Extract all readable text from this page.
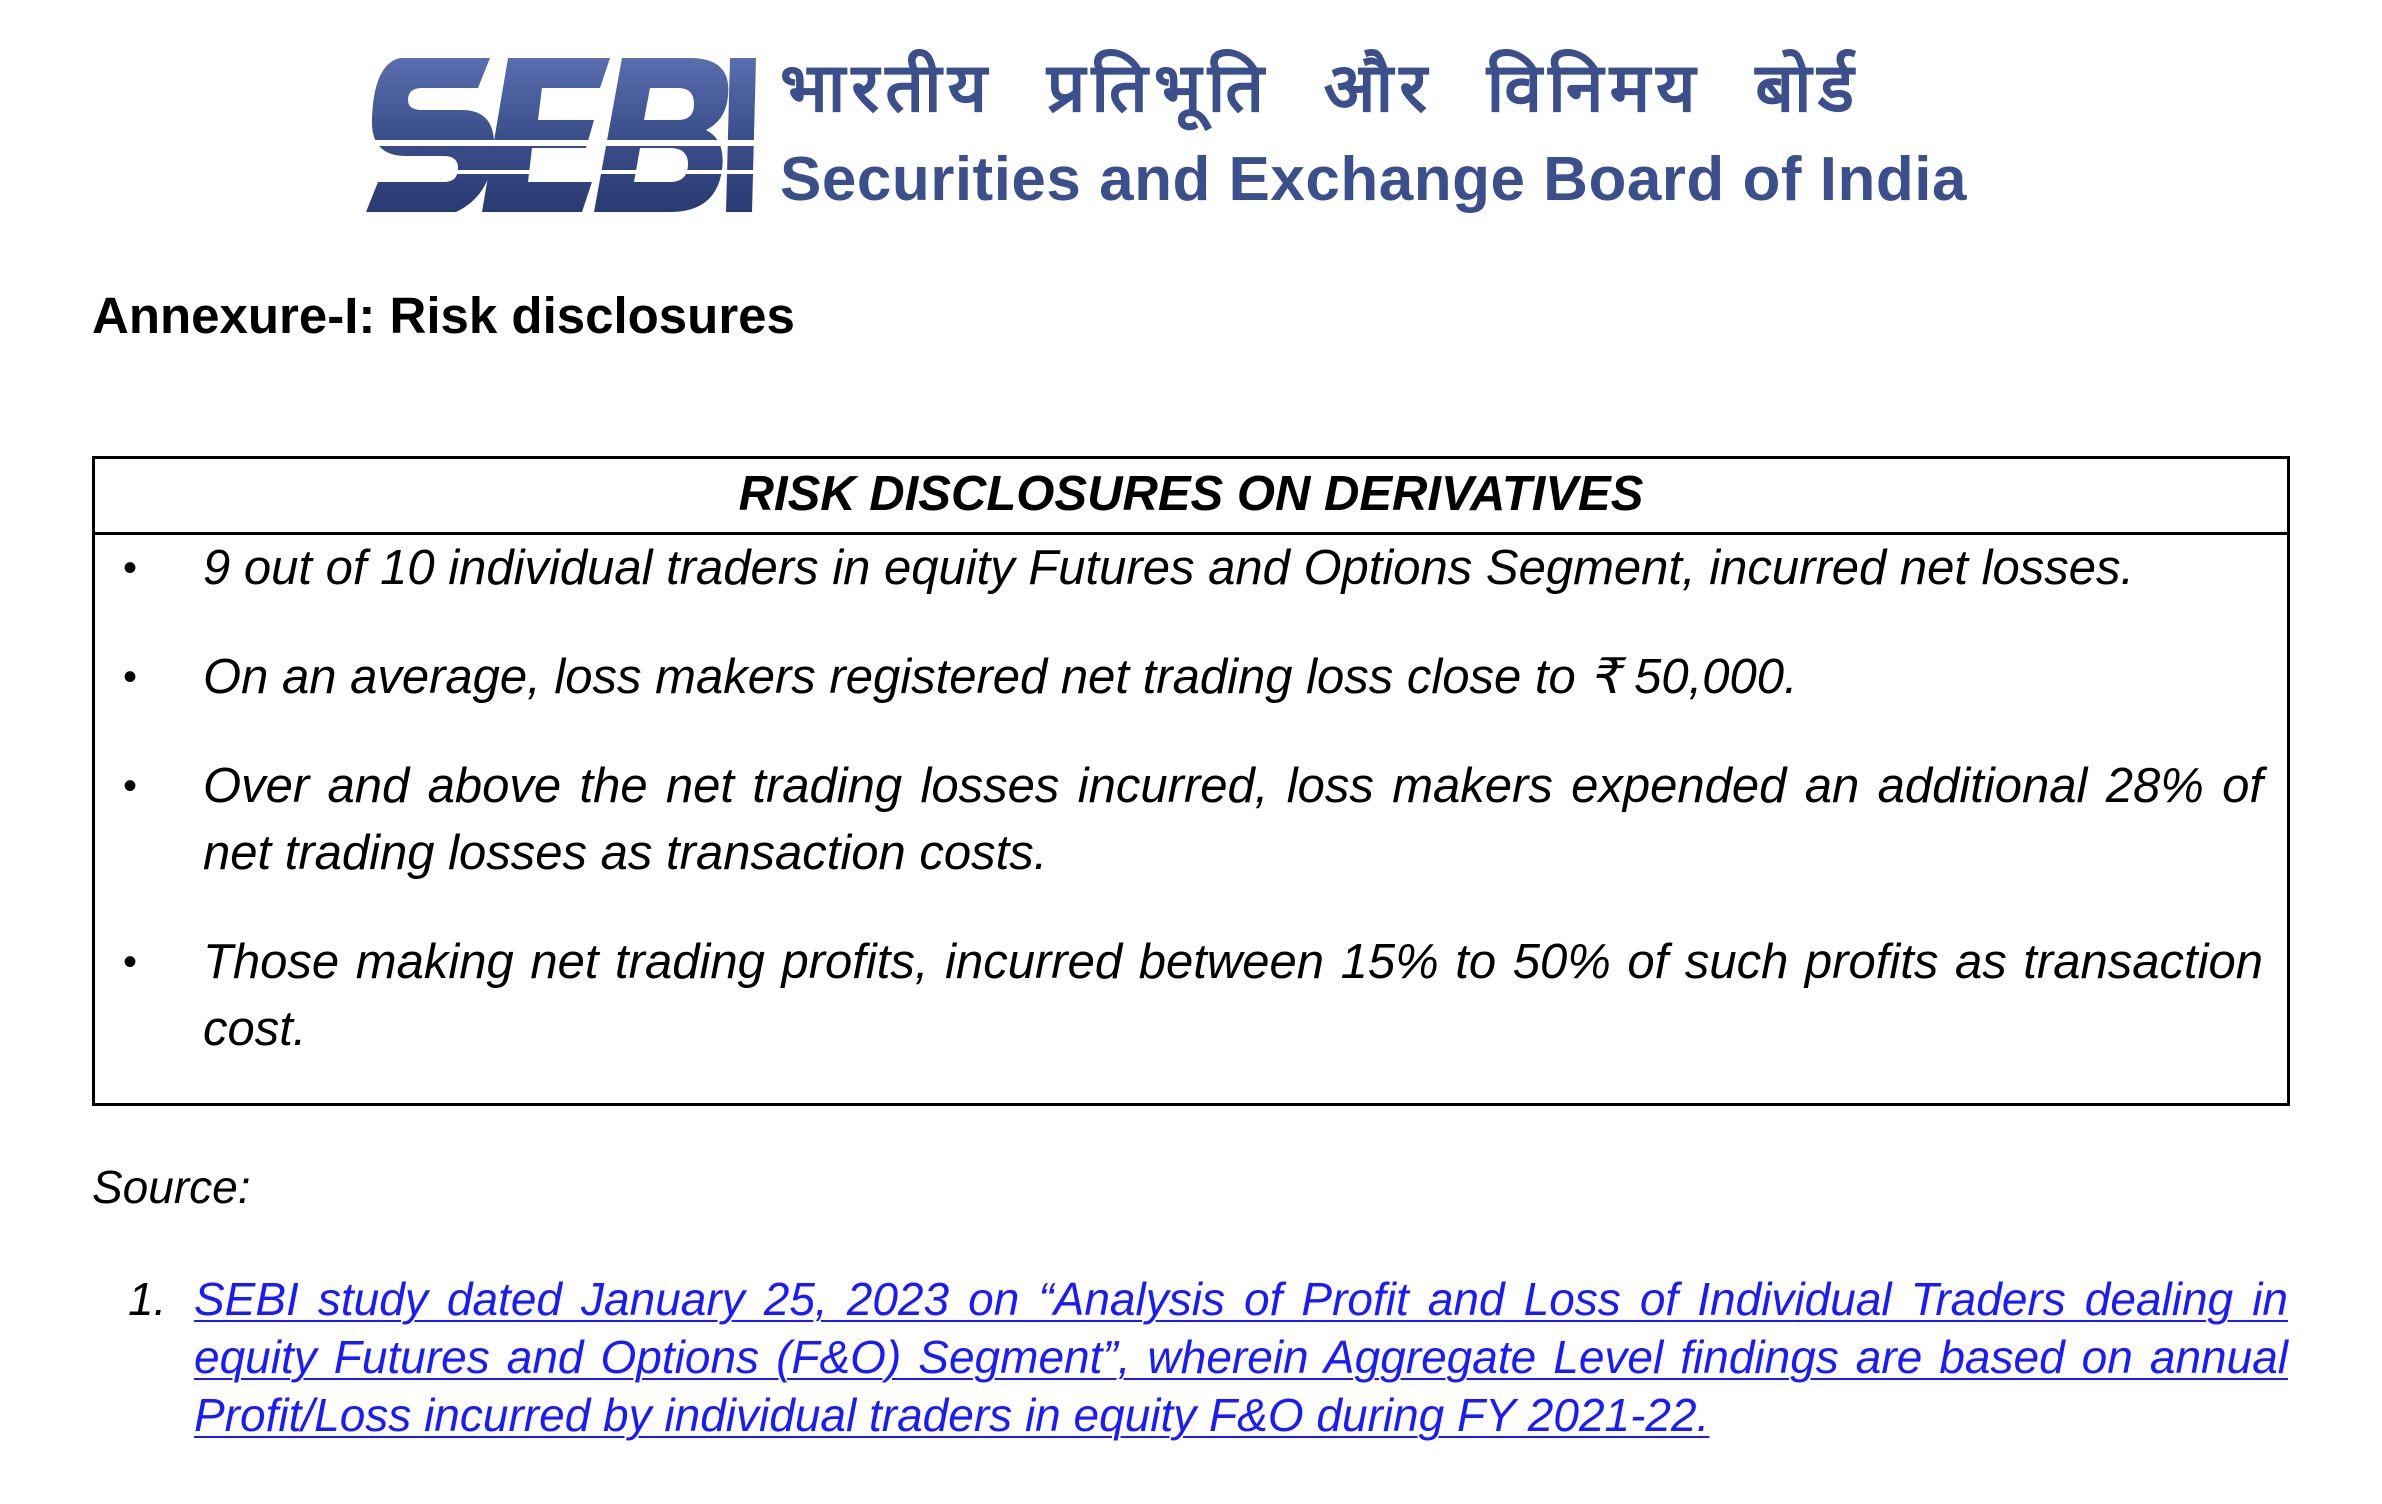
भारतीय प्रतिभूति और विनिमय बोर्ड
Securities and Exchange Board of India
Annexure-I: Risk disclosures
RISK DISCLOSURES ON DERIVATIVES
• 9 out of 10 individual traders in equity Futures and Options Segment, incurred net losses.
• On an average, loss makers registered net trading loss close to ₹ 50,000.
• Over and above the net trading losses incurred, loss makers expended an additional 28% of net trading losses as transaction costs.
• Those making net trading profits, incurred between 15% to 50% of such profits as transaction cost.
Source:
1. SEBI study dated January 25, 2023 on “Analysis of Profit and Loss of Individual Traders dealing in equity Futures and Options (F&O) Segment”, wherein Aggregate Level findings are based on annual Profit/Loss incurred by individual traders in equity F&O during FY 2021-22.
